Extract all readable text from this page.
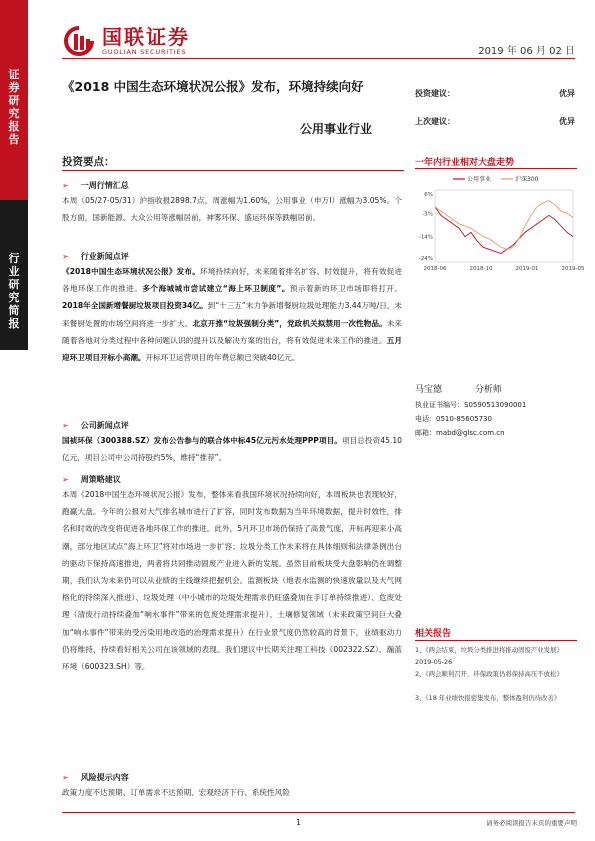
证券研究报告
行业研究简报
国联证券
GUOLIAN SECURITIES	2019 年 06 月 02 日
《2018 中国生态环境状况公报》发布，环境持续向好
公用事业行业
投资建议：	优异
上次建议：	优异
投资要点：
➢ 一周行情汇总
本周（05/27-05/31）沪指收报2898.7点，周涨幅为1.60%，公用事业（申万Ⅰ）涨幅为3.05%。个股方面，国新能源、大众公用等涨幅居前，神雾环保、盛运环保等跌幅居前。
➢ 行业新闻点评
《2018中国生态环境状况公报》发布。环境持续向好，未来随着排名扩容、时效提升，将有效促进各地环保工作的推进。多个海城城市尝试建立“海上环卫制度”。预示着新的环卫市场即将打开。2018年全国新增餐厨垃圾项目投资34亿。到“十三五”末力争新增餐厨垃圾处理能力3.44万吨/日，未来餐厨处置的市场空间将进一步扩大。北京开推“垃圾强制分类”，党政机关拟禁用一次性物品。未来随着各地对分类过程中各种问题认识的提升以及解决方案的出台，将有效促进未来工作的推进。五月迎环卫项目开标小高潮。开标环卫运营项目的年费总额已突破40亿元。
➢ 公司新闻点评
国祯环保（300388.SZ）发布公告参与的联合体中标45亿元污水处理PPP项目。项目总投资45.10亿元，项目公司中公司持股约5%，维持“推荐”。
➢ 周策略建议
本周《2018中国生态环境状况公报》发布，整体来看我国环境状况持续向好，本周板块也表现较好，跑赢大盘。今年的公报对大气排名城市进行了扩容，同时发布数据为当年环境数据，提升时效性，排名和时效的改变将促进各地环保工作的推进。此外，5月环卫市场仍保持了高景气度，开标再迎来小高潮，部分地区试点“海上环卫”将对市场进一步扩容；垃圾分类工作未来将在具体细则和法律条例出台的驱动下保持高速推进，两者将共同推动固废产业进入新的发展。虽然目前板块受大盘影响仍在调整期，我们认为未来仍可以从业绩的主线继续把握机会。监测板块（地表水监测的快速放量以及大气网格化的持续深入推进）、垃圾处理（中小城市的垃圾处理需求仍旺盛叠加在手订单持续推进）、危废处理（清废行动持续叠加“响水事件”带来的危废处理需求提升）、土壤修复领域（未来政策空间巨大叠加“响水事件”带来的受污染用地改造的治理需求提升）在行业景气度仍然较高的背景下，业绩驱动力仍将维持，持续看好相关公司在该领域的表现。我们建议中长期关注理工科技（002322.SZ）、瀚蓝环境（600323.SH）等。
➢ 风险提示内容
政策力度不达预期、订单需求不达预期、宏观经济下行、系统性风险
一年内行业相对大盘走势
公用事业	沪深300
6%
-3%
-14%
-24%
2018-06	2018-10	2019-01	2019-05
马宝德	分析师
执业证书编号：S0590513090001
电话：0510-85605730
邮箱：mabd@glsc.com.cn
相关报告
1、《两会结束，垃圾分类推进将推动固废产业发展》2019-05-26
2、《两会顺利召开，环保政策仍将保持高压不放松》
3、《18 年业绩快报密集发布，整体盈利仍待改善》
1	请务必阅读报告末页的重要声明
